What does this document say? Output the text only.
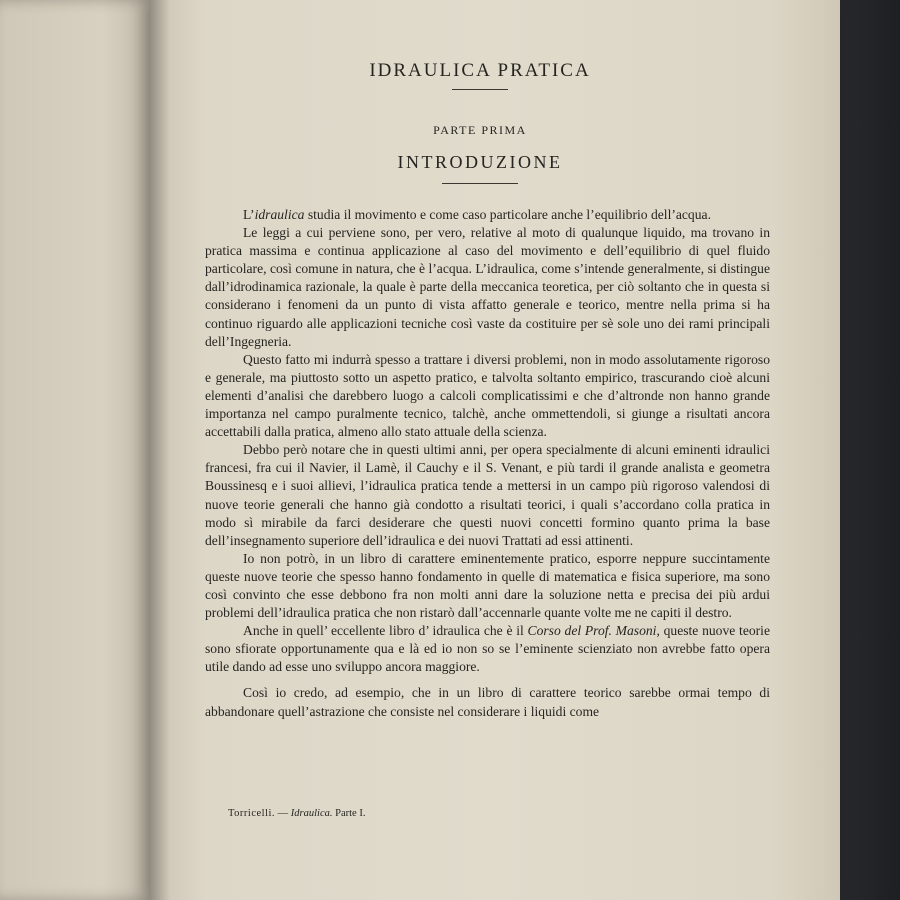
IDRAULICA PRATICA
PARTE PRIMA
INTRODUZIONE

L’idraulica studia il movimento e come caso particolare anche l’equilibrio dell’acqua.

Le leggi a cui perviene sono, per vero, relative al moto di qualunque liquido, ma trovano in pratica massima e continua applicazione al caso del movimento e dell’equilibrio di quel fluido particolare, così comune in natura, che è l’acqua. L’idraulica, come s’intende generalmente, si distingue dall’idrodinamica razionale, la quale è parte della meccanica teoretica, per ciò soltanto che in questa si considerano i fenomeni da un punto di vista affatto generale e teorico, mentre nella prima si ha continuo riguardo alle applicazioni tecniche così vaste da costituire per sè sole uno dei rami principali dell’Ingegneria.

Questo fatto mi indurrà spesso a trattare i diversi problemi, non in modo assolutamente rigoroso e generale, ma piuttosto sotto un aspetto pratico, e talvolta soltanto empirico, trascurando cioè alcuni elementi d’analisi che darebbero luogo a calcoli complicatissimi e che d’altronde non hanno grande importanza nel campo puralmente tecnico, talchè, anche ommettendoli, si giunge a risultati ancora accettabili dalla pratica, almeno allo stato attuale della scienza.

Debbo però notare che in questi ultimi anni, per opera specialmente di alcuni eminenti idraulici francesi, fra cui il Navier, il Lamè, il Cauchy e il S. Venant, e più tardi il grande analista e geometra Boussinesq e i suoi allievi, l’idraulica pratica tende a mettersi in un campo più rigoroso valendosi di nuove teorie generali che hanno già condotto a risultati teorici, i quali s’accordano colla pratica in modo sì mirabile da farci desiderare che questi nuovi concetti formino quanto prima la base dell’insegnamento superiore dell’idraulica e dei nuovi Trattati ad essi attinenti.

Io non potrò, in un libro di carattere eminentemente pratico, esporre neppure succintamente queste nuove teorie che spesso hanno fondamento in quelle di matematica e fisica superiore, ma sono così convinto che esse debbono fra non molti anni dare la soluzione netta e precisa dei più ardui problemi dell’idraulica pratica che non ristarò dall’accennarle quante volte me ne capiti il destro.

Anche in quell’ eccellente libro d’ idraulica che è il Corso del Prof. Masoni, queste nuove teorie sono sfiorate opportunamente qua e là ed io non so se l’eminente scienziato non avrebbe fatto opera utile dando ad esse uno sviluppo ancora maggiore.

Così io credo, ad esempio, che in un libro di carattere teorico sarebbe ormai tempo di abbandonare quell’astrazione che consiste nel considerare i liquidi come

Torricelli. — Idraulica. Parte I.
